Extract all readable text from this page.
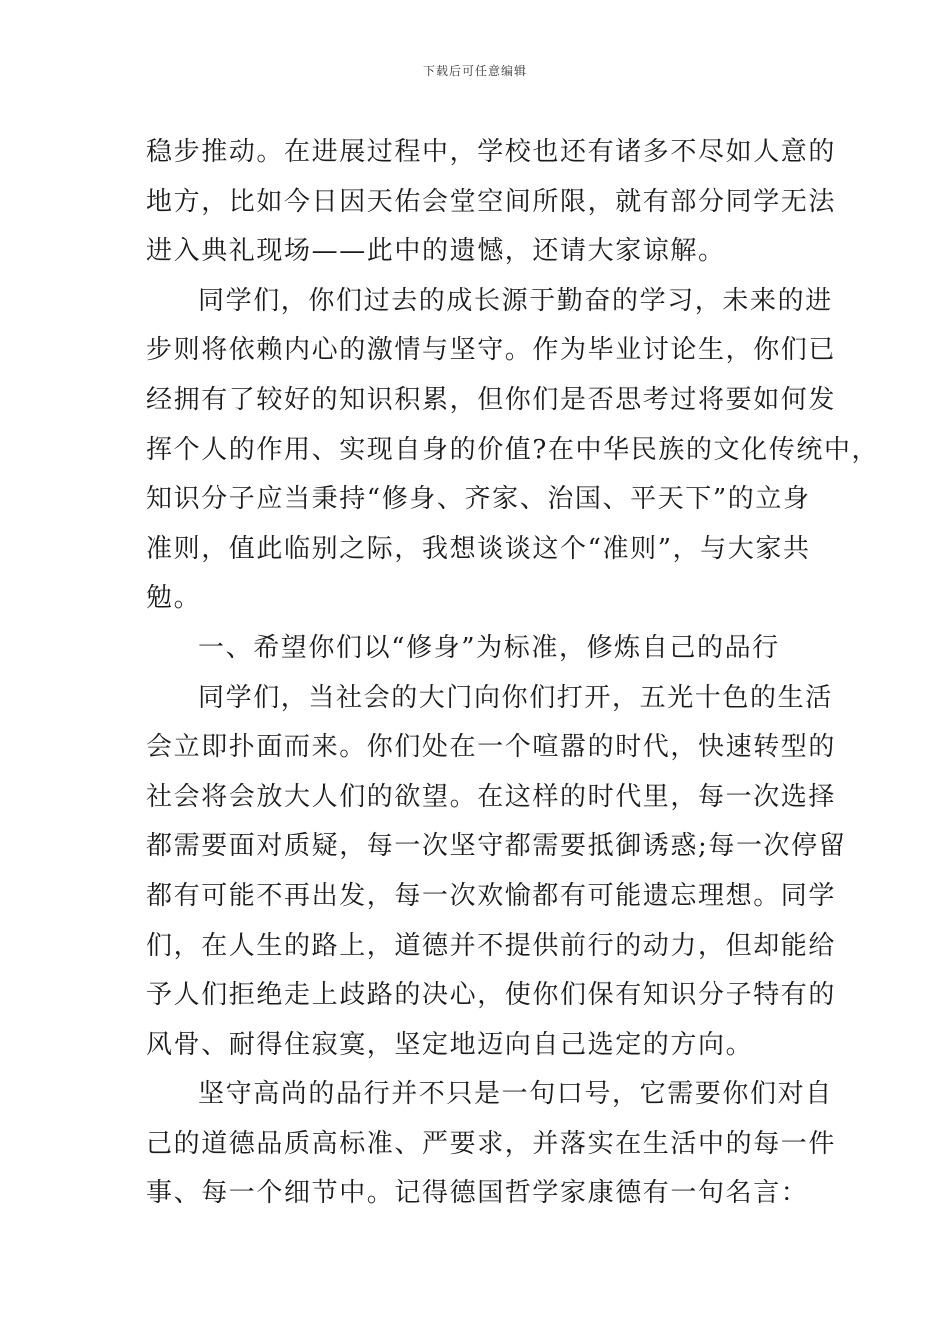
下载后可任意编辑
稳步推动。在进展过程中，学校也还有诸多不尽如人意的
地方，比如今日因天佑会堂空间所限，就有部分同学无法
进入典礼现场——此中的遗憾，还请大家谅解。
同学们，你们过去的成长源于勤奋的学习，未来的进
步则将依赖内心的激情与坚守。作为毕业讨论生，你们已
经拥有了较好的知识积累，但你们是否思考过将要如何发
挥个人的作用、实现自身的价值?在中华民族的文化传统中，
知识分子应当秉持“修身、齐家、治国、平天下”的立身
准则，值此临别之际，我想谈谈这个“准则”，与大家共
勉。
一、希望你们以“修身”为标准，修炼自己的品行
同学们，当社会的大门向你们打开，五光十色的生活
会立即扑面而来。你们处在一个喧嚣的时代，快速转型的
社会将会放大人们的欲望。在这样的时代里，每一次选择
都需要面对质疑，每一次坚守都需要抵御诱惑;每一次停留
都有可能不再出发，每一次欢愉都有可能遗忘理想。同学
们，在人生的路上，道德并不提供前行的动力，但却能给
予人们拒绝走上歧路的决心，使你们保有知识分子特有的
风骨、耐得住寂寞，坚定地迈向自己选定的方向。
坚守高尚的品行并不只是一句口号，它需要你们对自
己的道德品质高标准、严要求，并落实在生活中的每一件
事、每一个细节中。记得德国哲学家康德有一句名言：
